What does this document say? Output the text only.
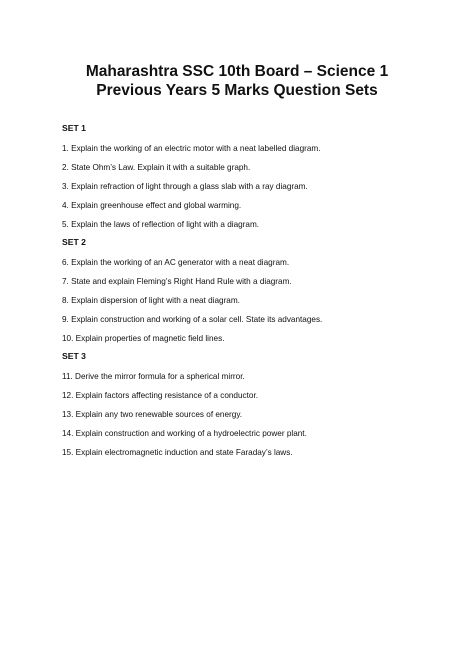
Maharashtra SSC 10th Board – Science 1
Previous Years 5 Marks Question Sets
SET 1
1. Explain the working of an electric motor with a neat labelled diagram.
2. State Ohm’s Law. Explain it with a suitable graph.
3. Explain refraction of light through a glass slab with a ray diagram.
4. Explain greenhouse effect and global warming.
5. Explain the laws of reflection of light with a diagram.
SET 2
6. Explain the working of an AC generator with a neat diagram.
7. State and explain Fleming’s Right Hand Rule with a diagram.
8. Explain dispersion of light with a neat diagram.
9. Explain construction and working of a solar cell. State its advantages.
10. Explain properties of magnetic field lines.
SET 3
11. Derive the mirror formula for a spherical mirror.
12. Explain factors affecting resistance of a conductor.
13. Explain any two renewable sources of energy.
14. Explain construction and working of a hydroelectric power plant.
15. Explain electromagnetic induction and state Faraday’s laws.
